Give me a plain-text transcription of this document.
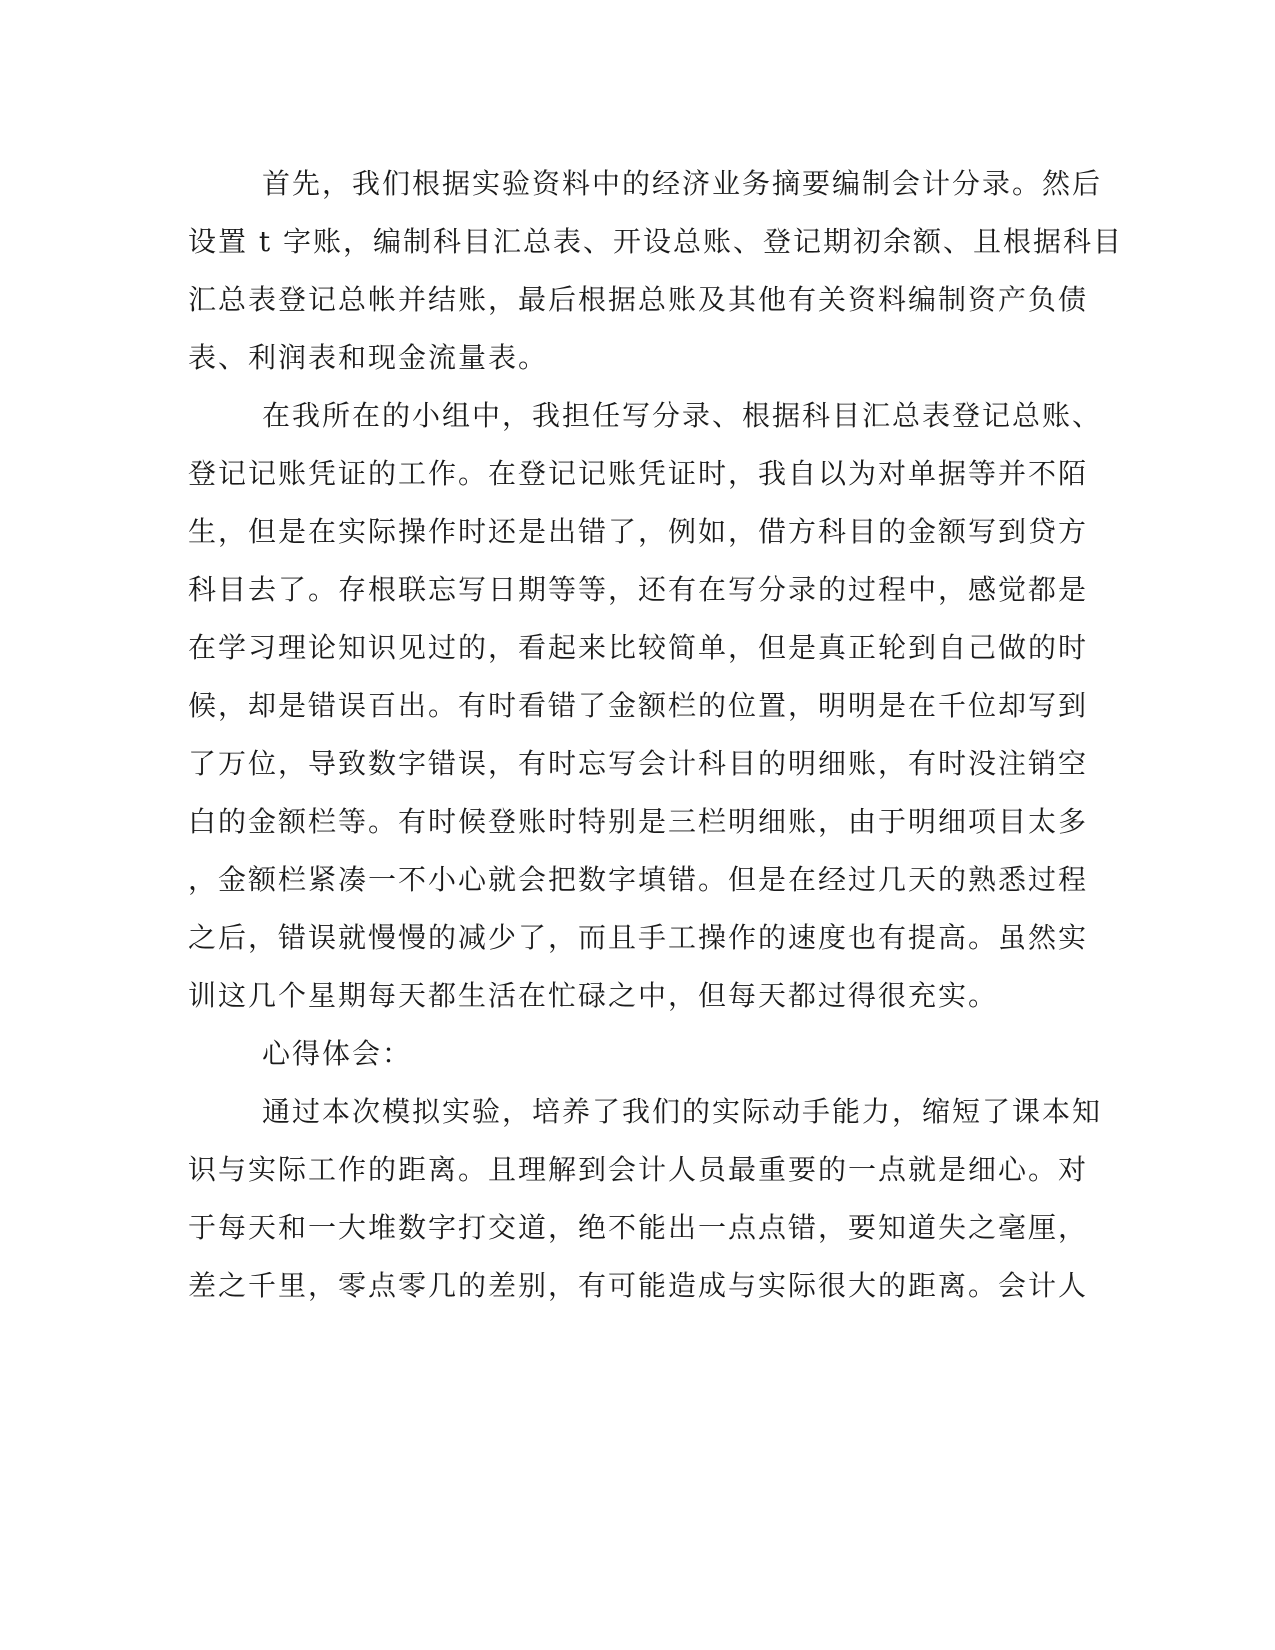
首先，我们根据实验资料中的经济业务摘要编制会计分录。然后
设置 t 字账，编制科目汇总表、开设总账、登记期初余额、且根据科目
汇总表登记总帐并结账，最后根据总账及其他有关资料编制资产负债
表、利润表和现金流量表。
在我所在的小组中，我担任写分录、根据科目汇总表登记总账、
登记记账凭证的工作。在登记记账凭证时，我自以为对单据等并不陌
生，但是在实际操作时还是出错了，例如，借方科目的金额写到贷方
科目去了。存根联忘写日期等等，还有在写分录的过程中，感觉都是
在学习理论知识见过的，看起来比较简单，但是真正轮到自己做的时
候，却是错误百出。有时看错了金额栏的位置，明明是在千位却写到
了万位，导致数字错误，有时忘写会计科目的明细账，有时没注销空
白的金额栏等。有时候登账时特别是三栏明细账，由于明细项目太多
，金额栏紧凑一不小心就会把数字填错。但是在经过几天的熟悉过程
之后，错误就慢慢的减少了，而且手工操作的速度也有提高。虽然实
训这几个星期每天都生活在忙碌之中，但每天都过得很充实。
心得体会：
通过本次模拟实验，培养了我们的实际动手能力，缩短了课本知
识与实际工作的距离。且理解到会计人员最重要的一点就是细心。对
于每天和一大堆数字打交道，绝不能出一点点错，要知道失之毫厘，
差之千里，零点零几的差别，有可能造成与实际很大的距离。会计人
